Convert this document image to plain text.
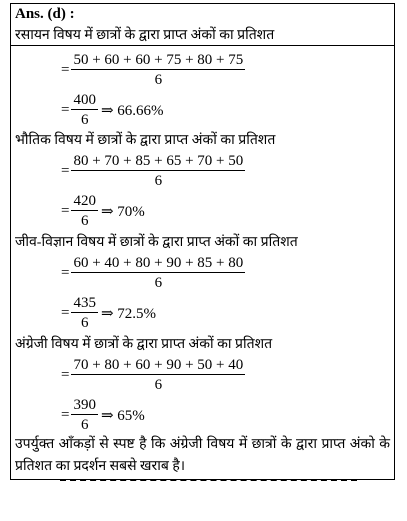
Ans. (d) :
रसायन विषय में छात्रों के द्वारा प्राप्त अंकों का प्रतिशत
= $\frac{50 + 60 + 60 + 75 + 80 + 75}{6}$
= $\frac{400}{6}$ ⇒ 66.66%
भौतिक विषय में छात्रों के द्वारा प्राप्त अंकों का प्रतिशत
= $\frac{80 + 70 + 85 + 65 + 70 + 50}{6}$
= $\frac{420}{6}$ ⇒ 70%
जीव-विज्ञान विषय में छात्रों के द्वारा प्राप्त अंकों का प्रतिशत
= $\frac{60 + 40 + 80 + 90 + 85 + 80}{6}$
= $\frac{435}{6}$ ⇒ 72.5%
अंग्रेजी विषय में छात्रों के द्वारा प्राप्त अंकों का प्रतिशत
= $\frac{70 + 80 + 60 + 90 + 50 + 40}{6}$
= $\frac{390}{6}$ ⇒ 65%
उपर्युक्त आँकड़ों से स्पष्ट है कि अंग्रेजी विषय में छात्रों के द्वारा प्राप्त अंको के प्रतिशत का प्रदर्शन सबसे खराब है।
